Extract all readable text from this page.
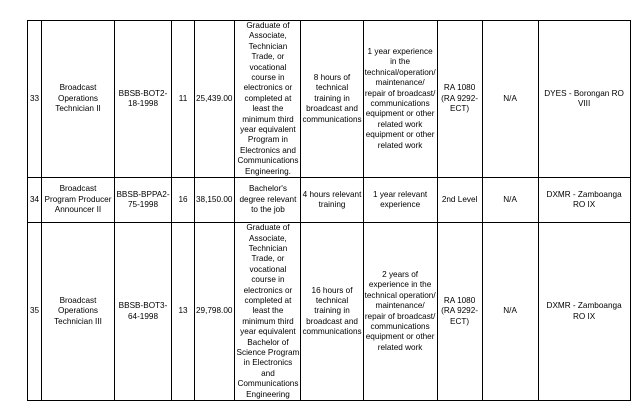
33	Broadcast Operations Technician II	BBSB-BOT2-18-1998	11	25,439.00	Graduate of Associate, Technician Trade, or vocational course in electronics or completed at least the minimum third year equivalent Program in Electronics and Communications Engineering.	8 hours of technical training in broadcast and communications	1 year experience in the technical/operation/ maintenance/ repair of broadcast/ communications equipment or other related work equipment or other related work	RA 1080 (RA 9292-ECT)	N/A	DYES - Borongan RO VIII
34	Broadcast Program Producer Announcer II	BBSB-BPPA2-75-1998	16	38,150.00	Bachelor's degree relevant to the job	4 hours relevant training	1 year relevant experience	2nd Level	N/A	DXMR - Zamboanga RO IX
35	Broadcast Operations Technician III	BBSB-BOT3-64-1998	13	29,798.00	Graduate of Associate, Technician Trade, or vocational course in electronics or completed at least the minimum third year equivalent Bachelor of Science Program in Electronics and Communications Engineering	16 hours of technical training in broadcast and communications	2 years of experience in the technical operation/ maintenance/ repair of broadcast/ communications equipment or other related work	RA 1080 (RA 9292-ECT)	N/A	DXMR - Zamboanga RO IX
